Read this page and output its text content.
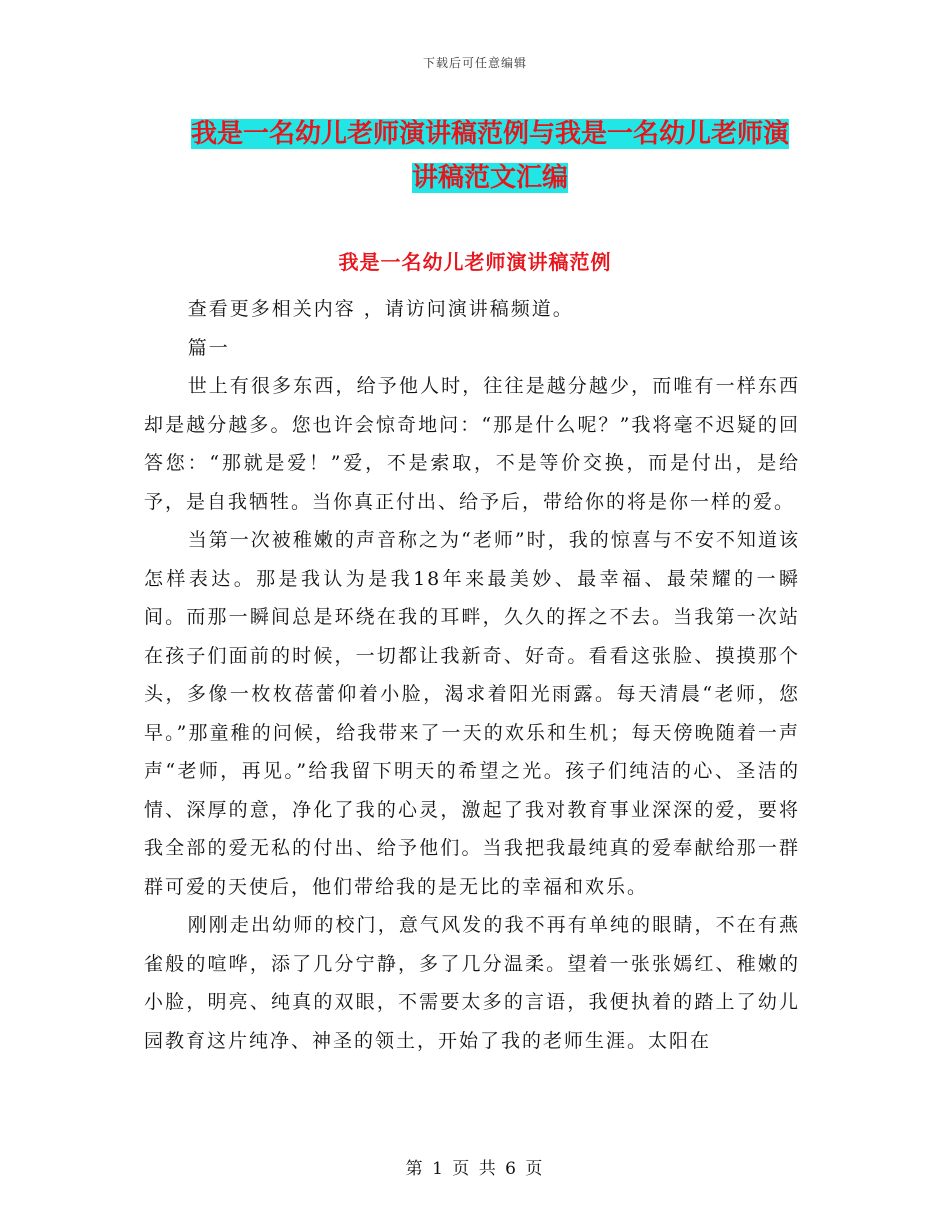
下载后可任意编辑
我是一名幼儿老师演讲稿范例与我是一名幼儿老师演
讲稿范文汇编
我是一名幼儿老师演讲稿范例

查看更多相关内容 ，请访问演讲稿频道。

篇一

世上有很多东西，给予他人时，往往是越分越少，而唯有一样东西却是越分越多。您也许会惊奇地问：“那是什么呢？”我将毫不迟疑的回答您：“那就是爱！”爱，不是索取，不是等价交换，而是付出，是给予，是自我牺牲。当你真正付出、给予后，带给你的将是你一样的爱。

当第一次被稚嫩的声音称之为“老师”时，我的惊喜与不安不知道该怎样表达。那是我认为是我18年来最美妙、最幸福、最荣耀的一瞬间。而那一瞬间总是环绕在我的耳畔，久久的挥之不去。当我第一次站在孩子们面前的时候，一切都让我新奇、好奇。看看这张脸、摸摸那个头，多像一枚枚蓓蕾仰着小脸，渴求着阳光雨露。每天清晨“老师，您早。”那童稚的问候，给我带来了一天的欢乐和生机；每天傍晚随着一声声“老师，再见。”给我留下明天的希望之光。孩子们纯洁的心、圣洁的情、深厚的意，净化了我的心灵，激起了我对教育事业深深的爱，要将我全部的爱无私的付出、给予他们。当我把我最纯真的爱奉献给那一群群可爱的天使后，他们带给我的是无比的幸福和欢乐。

刚刚走出幼师的校门，意气风发的我不再有单纯的眼睛，不在有燕雀般的喧哗，添了几分宁静，多了几分温柔。望着一张张嫣红、稚嫩的小脸，明亮、纯真的双眼，不需要太多的言语，我便执着的踏上了幼儿园教育这片纯净、神圣的领土，开始了我的老师生涯。太阳在

第 1 页 共 6 页
